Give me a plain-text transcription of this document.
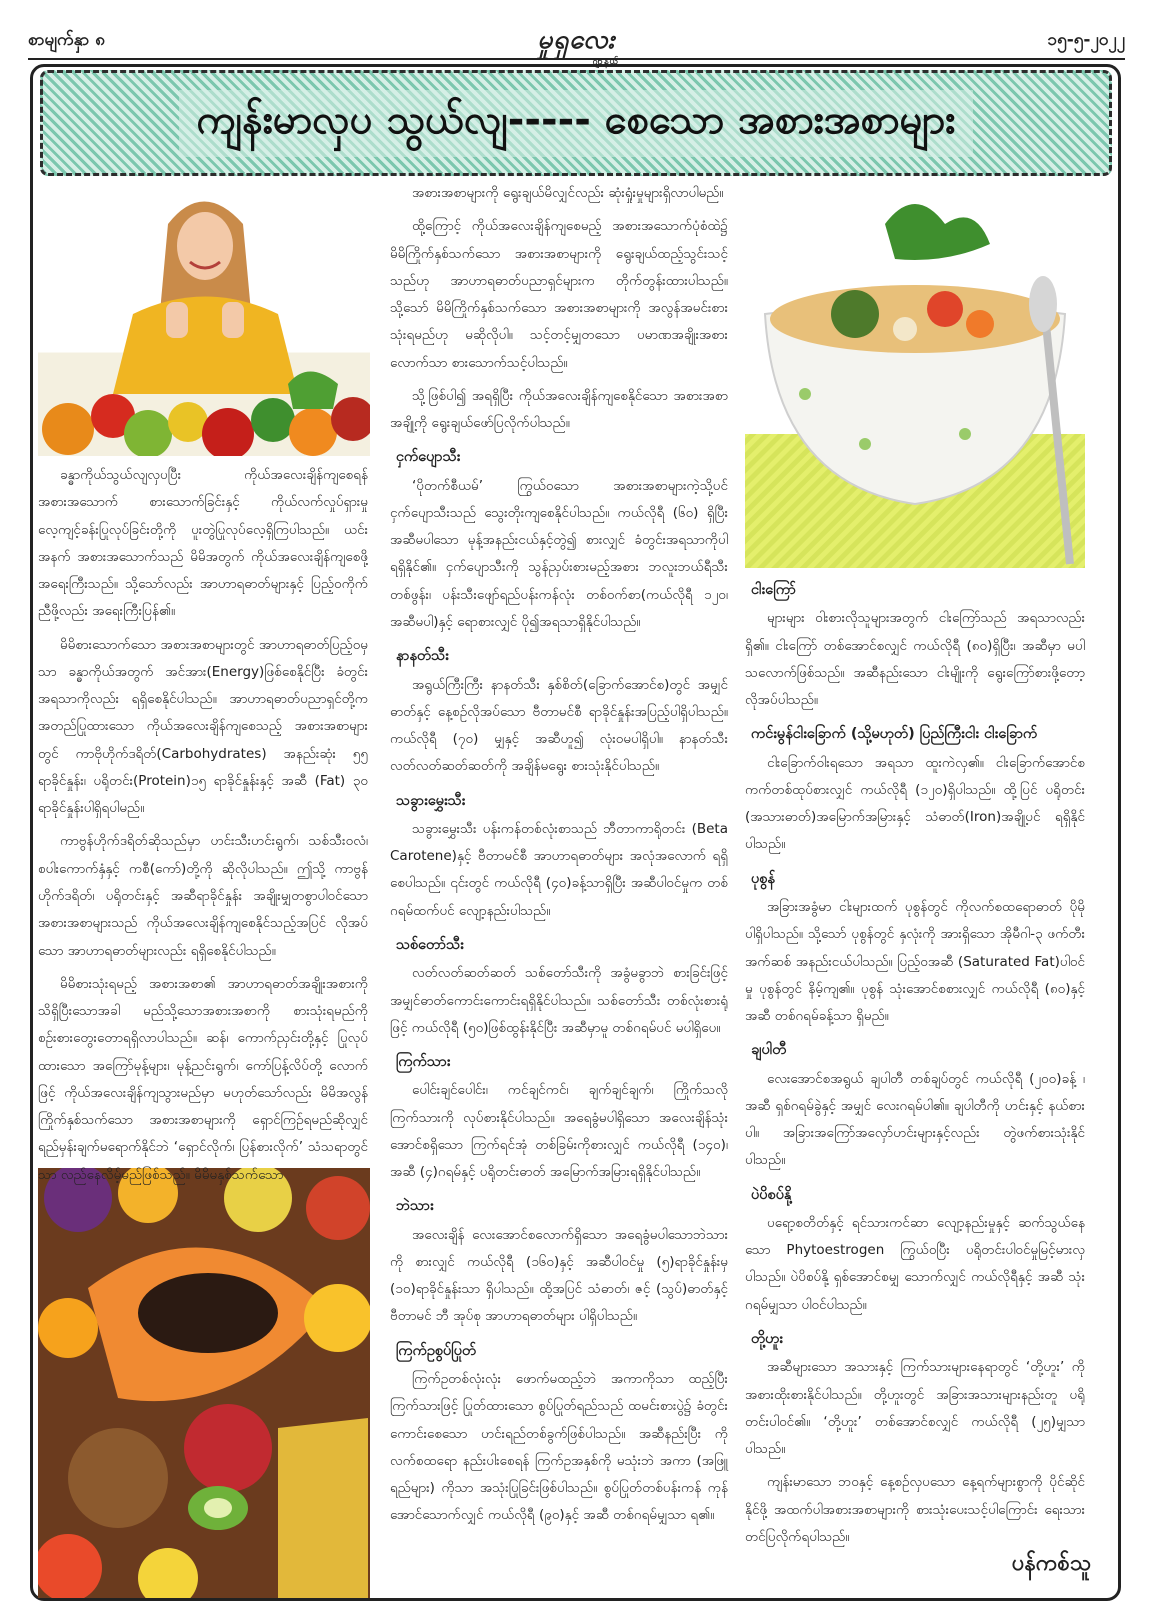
စာမျက်နှာ ၈	မှုရှလေး
ဂျာနယ်
၁၅-၅-၂၀၂၂
ကျန်းမာလှပ သွယ်လျ----- စေသော အစားအစာများ

ခန္ဓာကိုယ်သွယ်လျလှပပြီး ကိုယ်အလေးချိန်ကျစေရန် အစားအသောက် စားသောက်ခြင်းနှင့် ကိုယ်လက်လှုပ်ရှားမှု လေ့ကျင့်ခန်းပြုလုပ်ခြင်းတို့ကို ပူးတွဲပြုလုပ်လေ့ရှိကြပါသည်။ ယင်းအနက် အစားအသောက်သည် မိမိအတွက် ကိုယ်အလေးချိန်ကျစေဖို့ အရေးကြီးသည်။ သို့သော်လည်း အာဟာရဓာတ်များနှင့် ပြည့်ဝကိုက်ညီဖို့လည်း အရေးကြီးပြန်၏။

မိမိစားသောက်သော အစားအစာများတွင် အာဟာရဓာတ်ပြည့်ဝမှသာ ခန္ဓာကိုယ်အတွက် အင်အား(Energy)ဖြစ်စေနိုင်ပြီး ခံတွင်းအရသာကိုလည်း ရရှိစေနိုင်ပါသည်။ အာဟာရဓာတ်ပညာရှင်တို့က အတည်ပြုထားသော ကိုယ်အလေးချိန်ကျစေသည့် အစားအစာများတွင် ကာဗိုဟိုက်ဒရိတ်(Carbohydrates) အနည်းဆုံး ၅၅ ရာခိုင်နှုန်း၊ ပရိုတင်း(Protein)၁၅ ရာခိုင်နှုန်းနှင့် အဆီ (Fat) ၃၀ ရာခိုင်နှုန်းပါရှိရပါမည်။

ကာဗွန်ဟိုက်ဒရိတ်ဆိုသည်မှာ ဟင်းသီးဟင်းရွက်၊ သစ်သီးဝလံ၊ စပါးကောက်နှံနှင့် ကစီ(ကော်)တို့ကို ဆိုလိုပါသည်။ ဤသို့ ကာဗွန်ဟိုက်ဒရိတ်၊ ပရိုတင်းနှင့် အဆီရာခိုင်နှုန်း အချိုးမျှတစွာပါဝင်သော အစားအစာများသည် ကိုယ်အလေးချိန်ကျစေနိုင်သည့်အပြင် လိုအပ်သော အာဟာရဓာတ်များလည်း ရရှိစေနိုင်ပါသည်။

မိမိစားသုံးရမည့် အစားအစာ၏ အာဟာရဓာတ်အချိုးအစားကို သိရှိပြီးသောအခါ မည်သို့သောအစားအစာကို စားသုံးရမည်ကို စဉ်းစားတွေးတောရရှိလာပါသည်။ ဆန်၊ ကောက်ညှင်းတို့နှင့် ပြုလုပ်ထားသော အကြော်မုန့်များ၊ မုန့်ညင်းရွက်၊ ကော်ပြန့်လိပ်တို့ လောက်ဖြင့် ကိုယ်အလေးချိန်ကျသွားမည်မှာ မဟုတ်သော်လည်း မိမိအလွန်ကြိုက်နှစ်သက်သော အစားအစာများကို ရှောင်ကြဉ်ရမည်ဆိုလျှင် ရည်မှန်းချက်မရောက်နိုင်ဘဲ ‘ရှောင်လိုက်၊ ပြန်စားလိုက်’ သံသရာတွင်သာ လည်နေလိမ့်မည်ဖြစ်သည်။ မိမိမနှစ်သက်သော

အစားအစာများကို ရွေးချယ်မိလျှင်လည်း ဆုံးရှုံးမှုများရှိလာပါမည်။

ထို့ကြောင့် ကိုယ်အလေးချိန်ကျစေမည့် အစားအသောက်ပုံစံထဲ၌ မိမိကြိုက်နှစ်သက်သော အစားအစာများကို ရွေးချယ်ထည့်သွင်းသင့်သည်ဟု အာဟာရဓာတ်ပညာရှင်များက တိုက်တွန်းထားပါသည်။ သို့သော် မိမိကြိုက်နှစ်သက်သော အစားအစာများကို အလွန်အမင်းစားသုံးရမည်ဟု မဆိုလိုပါ။ သင့်တင့်မျှတသော ပမာဏအချိုးအစားလောက်သာ စားသောက်သင့်ပါသည်။

သို့ဖြစ်ပါ၍ အရရှိပြီး ကိုယ်အလေးချိန်ကျစေနိုင်သော အစားအစာအချို့ကို ရွေးချယ်ဖော်ပြလိုက်ပါသည်။

ငှက်ပျောသီး

‘ပိုတက်စီယမ်’ ကြွယ်ဝသော အစားအစာများကဲ့သို့ပင် ငှက်ပျောသီးသည် သွေးတိုးကျစေနိုင်ပါသည်။ ကယ်လိုရီ (၆၀) ရှိပြီး အဆီမပါသော မုန့်အနည်းငယ်နှင့်တွဲ၍ စားလျှင် ခံတွင်းအရသာကိုပါ ရရှိနိုင်၏။ ငှက်ပျောသီးကို သွန်ညှပ်းစားမည့်အစား ဘလူးဘယ်ရီသီး တစ်ဖွန်း၊ ပန်းသီးဖျော်ရည်ပန်းကန်လုံး တစ်ဝက်စာ(ကယ်လိုရီ ၁၂၀၊ အဆီမပါ)နှင့် ရောစားလျှင် ပို၍အရသာရှိနိုင်ပါသည်။

နာနတ်သီး

အရွယ်ကြီးကြီး နာနတ်သီး နှစ်စိတ်(ခြောက်အောင်စ)တွင် အမျှင်ဓာတ်နှင့် နေ့စဉ်လိုအပ်သော ဗီတာမင်စီ ရာခိုင်နှုန်းအပြည့်ပါရှိပါသည်။ ကယ်လိုရီ (၇၀) မျှနှင့် အဆီဟူ၍ လုံးဝမပါရှိပါ။ နာနတ်သီးလတ်လတ်ဆတ်ဆတ်ကို အချိန်မရွေး စားသုံးနိုင်ပါသည်။

သခွားမွှေးသီး

သခွားမွှေးသီး ပန်းကန်တစ်လုံးစာသည် ဘီတာကာရိုတင်း (Beta Carotene)နှင့် ဗီတာမင်စီ အာဟာရဓာတ်များ အလုံအလောက် ရရှိစေပါသည်။ ၎င်းတွင် ကယ်လိုရီ (၄၀)ခန့်သာရှိပြီး အဆီပါဝင်မှုက တစ်ဂရမ်ထက်ပင် လျော့နည်းပါသည်။

သစ်တော်သီး

လတ်လတ်ဆတ်ဆတ် သစ်တော်သီးကို အခွံမခွာဘဲ စားခြင်းဖြင့် အမျှင်ဓာတ်ကောင်းကောင်းရရှိနိုင်ပါသည်။ သစ်တော်သီး တစ်လုံးစားရုံဖြင့် ကယ်လိုရီ (၅၀)ဖြစ်ထွန်းနိုင်ပြီး အဆီမှာမူ တစ်ဂရမ်ပင် မပါရှိပေ။

ကြက်သား

ပေါင်းချင်ပေါင်း၊ ကင်ချင်ကင်၊ ချက်ချင်ချက်၊ ကြိုက်သလို ကြက်သားကို လုပ်စားနိုင်ပါသည်။ အရေခွံမပါရှိသော အလေးချိန်သုံးအောင်စရှိသော ကြက်ရင်အုံ တစ်ခြမ်းကိုစားလျှင် ကယ်လိုရီ (၁၄၀)၊ အဆီ (၄)ဂရမ်နှင့် ပရိုတင်းဓာတ် အမြောက်အမြားရရှိနိုင်ပါသည်။

ဘဲသား

အလေးချိန် လေးအောင်စလောက်ရှိသော အရေခွံမပါသောဘဲသားကို စားလျှင် ကယ်လိုရီ (၁၆၀)နှင့် အဆီပါဝင်မှု (၅)ရာခိုင်နှုန်းမှ (၁၀)ရာခိုင်နှုန်းသာ ရှိပါသည်။ ထို့အပြင် သံဓာတ်၊ ဇင့် (သွပ်)ဓာတ်နှင့် ဗီတာမင် ဘီ အုပ်စု အာဟာရဓာတ်များ ပါရှိပါသည်။

ကြက်ဥစွပ်ပြုတ်

ကြက်ဥတစ်လုံးလုံး ဖောက်မထည့်ဘဲ အကာကိုသာ ထည့်ပြီး ကြက်သားဖြင့် ပြုတ်ထားသော စွပ်ပြုတ်ရည်သည် ထမင်းစားပွဲ၌ ခံတွင်းကောင်းစေသော ဟင်းရည်တစ်ခွက်ဖြစ်ပါသည်။ အဆီနည်းပြီး ကိုလက်စထရော နည်းပါးစေရန် ကြက်ဥအနှစ်ကို မသုံးဘဲ အကာ (အဖြူရည်များ) ကိုသာ အသုံးပြုခြင်းဖြစ်ပါသည်။ စွပ်ပြုတ်တစ်ပန်းကန် ကုန်အောင်သောက်လျှင် ကယ်လိုရီ (၉၀)နှင့် အဆီ တစ်ဂရမ်မျှသာ ရ၏။

ငါးကြော်

များများ ဝါးစားလိုသူများအတွက် ငါးကြော်သည် အရသာလည်းရှိ၏။ ငါးကြော် တစ်အောင်စလျှင် ကယ်လိုရီ (၈၀)ရှိပြီး၊ အဆီမှာ မပါသလောက်ဖြစ်သည်။ အဆီနည်းသော ငါးမျိုးကို ရွေးကြော်စားဖို့တော့ လိုအပ်ပါသည်။

ကင်းမွန်ငါးခြောက် (သို့မဟုတ်) ပြည်ကြီးငါး ငါးခြောက်

ငါးခြောက်ဝါးရသော အရသာ ထူးကဲလှ၏။ ငါးခြောက်အောင်စကက်တစ်ထုပ်စားလျှင် ကယ်လိုရီ (၁၂၀)ရှိပါသည်။ ထို့ပြင် ပရိုတင်း (အသားဓာတ်)အမြောက်အမြားနှင့် သံဓာတ်(Iron)အချို့ပင် ရရှိနိုင်ပါသည်။

ပုစွန်

အခြားအခွံမာ ငါးများထက် ပုစွန်တွင် ကိုလက်စထရောဓာတ် ပိုမိုပါရှိပါသည်။ သို့သော် ပုစွန်တွင် နှလုံးကို အားရှိသော အိုမီဂါ-၃ ဖက်တီးအက်ဆစ် အနည်းငယ်ပါသည်။ ပြည့်ဝအဆီ (Saturated Fat)ပါဝင်မှု ပုစွန်တွင် နိမ့်ကျ၏။ ပုစွန် သုံးအောင်စစားလျှင် ကယ်လိုရီ (၈၀)နှင့် အဆီ တစ်ဂရမ်ခန့်သာ ရှိမည်။

ချပါတီ

လေးအောင်စအရွယ် ချပါတီ တစ်ချပ်တွင် ကယ်လိုရီ (၂၀၀)ခန့် ၊ အဆီ ရှစ်ဂရမ်ခွဲနှင့် အမျှင် လေးဂရမ်ပါ၏။ ချပါတီကို ဟင်းနှင့် နယ်စားပါ။ အခြားအကြော်အလှော်ဟင်းများနှင့်လည်း တွဲဖက်စားသုံးနိုင်ပါသည်။

ပဲပိစပ်နို့

ပရော့စတိတ်နှင့် ရင်သားကင်ဆာ လျော့နည်းမှုနှင့် ဆက်သွယ်နေသော Phytoestrogen ကြွယ်ဝပြီး ပရိုတင်းပါဝင်မှုမြင့်မားလှပါသည်။ ပဲပိစပ်နို့ ရှစ်အောင်စမျှ သောက်လျှင် ကယ်လိုရီနှင့် အဆီ သုံးဂရမ်မျှသာ ပါဝင်ပါသည်။

တို့ဟူး

အဆီများသော အသားနှင့် ကြက်သားများနေရာတွင် ‘တို့ဟူး’ ကို အစားထိုးစားနိုင်ပါသည်။ တို့ဟူးတွင် အခြားအသားများနည်းတူ ပရိုတင်းပါဝင်၏။ ‘တို့ဟူး’ တစ်အောင်စလျှင် ကယ်လိုရီ (၂၅)မျှသာ ပါသည်။

ကျန်းမာသော ဘဝနှင့် နေ့စဉ်လှပသော နေ့ရက်များစွာကို ပိုင်ဆိုင်နိုင်ဖို့ အထက်ပါအစားအစာများကို စားသုံးပေးသင့်ပါကြောင်း ရေးသားတင်ပြလိုက်ရပါသည်။

ပန်ကစ်သူ
